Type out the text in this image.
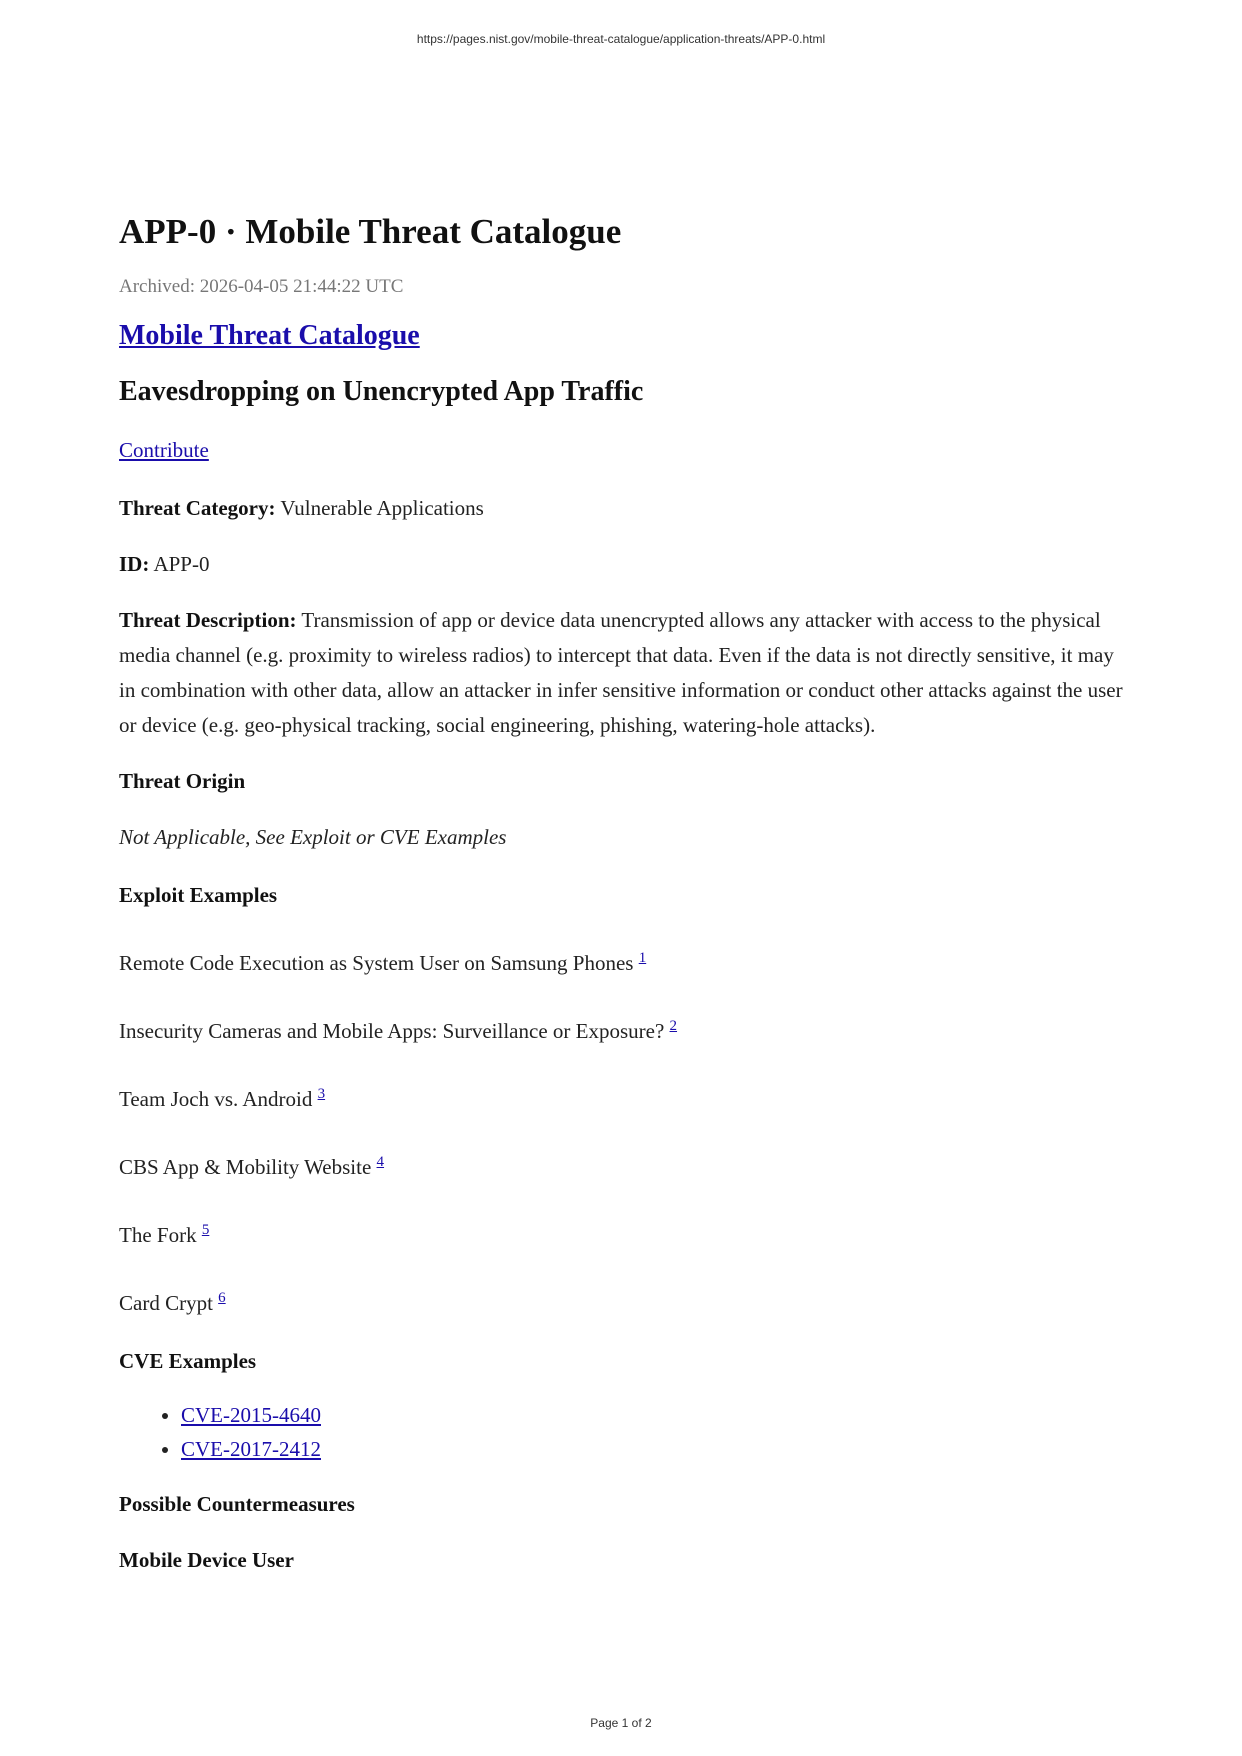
https://pages.nist.gov/mobile-threat-catalogue/application-threats/APP-0.html
APP-0 · Mobile Threat Catalogue
Archived: 2026-04-05 21:44:22 UTC
Mobile Threat Catalogue
Eavesdropping on Unencrypted App Traffic
Contribute

Threat Category: Vulnerable Applications

ID: APP-0

Threat Description: Transmission of app or device data unencrypted allows any attacker with access to the physical media channel (e.g. proximity to wireless radios) to intercept that data. Even if the data is not directly sensitive, it may in combination with other data, allow an attacker in infer sensitive information or conduct other attacks against the user or device (e.g. geo-physical tracking, social engineering, phishing, watering-hole attacks).

Threat Origin

Not Applicable, See Exploit or CVE Examples

Exploit Examples

Remote Code Execution as System User on Samsung Phones $^1$

Insecurity Cameras and Mobile Apps: Surveillance or Exposure? $^2$

Team Joch vs. Android $^3$

CBS App & Mobility Website $^4$

The Fork $^5$

Card Crypt $^6$

CVE Examples

• CVE-2015-4640
• CVE-2017-2412

Possible Countermeasures

Mobile Device User

Page 1 of 2
